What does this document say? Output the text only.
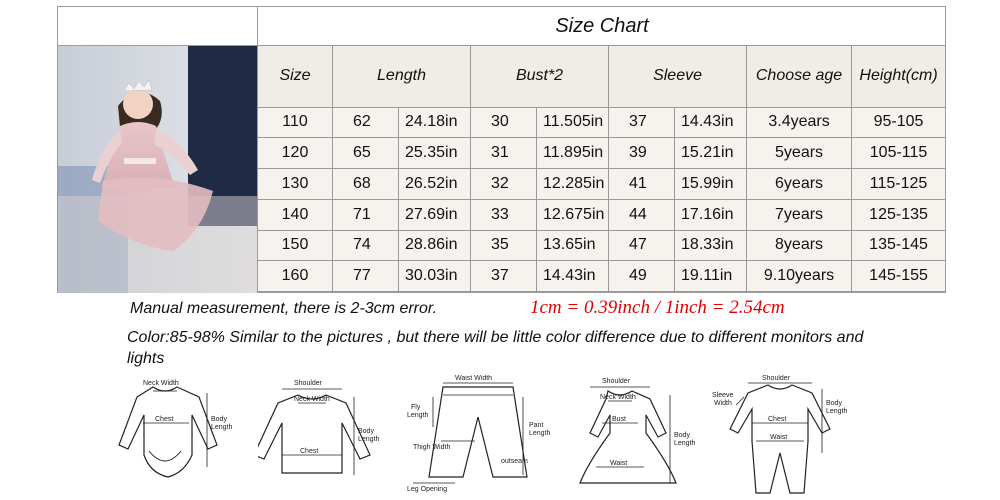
Size Chart
Size	Length		Bust*2		Sleeve		Choose age	Height(cm)
110	62	24.18in	30	11.505in	37	14.43in	3.4years	95-105
120	65	25.35in	31	11.895in	39	15.21in	5years	105-115
130	68	26.52in	32	12.285in	41	15.99in	6years	115-125
140	71	27.69in	33	12.675in	44	17.16in	7years	125-135
150	74	28.86in	35	13.65in	47	18.33in	8years	135-145
160	77	30.03in	37	14.43in	49	19.11in	9.10years	145-155
Manual measurement, there is 2-3cm error.	1cm = 0.39inch / 1inch = 2.54cm
Color:85-98% Similar to the pictures , but there will be little color difference due to different monitors and lights
Neck Width
Chest	Body
Length
Shoulder
Neck Width
Chest
Body
Length
Waist Width
Fly
Length
Pant
Length
Thigh Width
outseam
Leg Opening
Shoulder
Neck Width
Bust
Waist
Body
Length
Shoulder
Sleeve
Width
Chest
Waist
Body
Length
